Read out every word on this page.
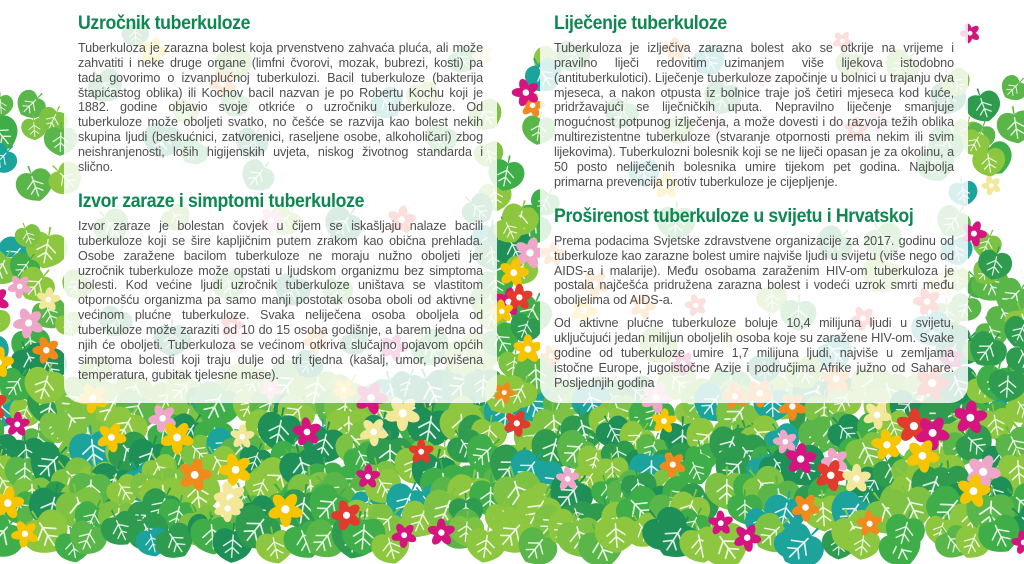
Uzročnik tuberkuloze

Tuberkuloza je zarazna bolest koja prvenstveno zahvaća pluća, ali može zahvatiti i neke druge organe (limfni čvorovi, mozak, bubrezi, kosti) pa tada govorimo o izvanplućnoj tuberkulozi. Bacil tuberkuloze (bakterija štapićastog oblika) ili Kochov bacil nazvan je po Robertu Kochu koji je 1882. godine objavio svoje otkriće o uzročniku tuberkuloze. Od tuberkuloze može oboljeti svatko, no češće se razvija kao bolest nekih skupina ljudi (beskućnici, zatvorenici, raseljene osobe, alkoholičari) zbog neishranjenosti, loših higijenskih uvjeta, niskog životnog standarda i slično.

Izvor zaraze i simptomi tuberkuloze

Izvor zaraze je bolestan čovjek u čijem se iskašljaju nalaze bacili tuberkuloze koji se šire kapljičnim putem zrakom kao obična prehlada. Osobe zaražene bacilom tuberkuloze ne moraju nužno oboljeti jer uzročnik tuberkuloze može opstati u ljudskom organizmu bez simptoma bolesti. Kod većine ljudi uzročnik tuberkuloze uništava se vlastitom otpornošću organizma pa samo manji postotak osoba oboli od aktivne i većinom plućne tuberkuloze. Svaka neliječena osoba oboljela od tuberkuloze može zaraziti od 10 do 15 osoba godišnje, a barem jedna od njih će oboljeti. Tuberkuloza se većinom otkriva slučajno pojavom općih simptoma bolesti koji traju dulje od tri tjedna (kašalj, umor, povišena temperatura, gubitak tjelesne mase).

Liječenje tuberkuloze

Tuberkuloza je izlječiva zarazna bolest ako se otkrije na vrijeme i pravilno liječi redovitim uzimanjem više lijekova istodobno (antituberkulotici). Liječenje tuberkuloze započinje u bolnici u trajanju dva mjeseca, a nakon otpusta iz bolnice traje još četiri mjeseca kod kuće, pridržavajući se liječničkih uputa. Nepravilno liječenje smanjuje mogućnost potpunog izlječenja, a može dovesti i do razvoja težih oblika multirezistentne tuberkuloze (stvaranje otpornosti prema nekim ili svim lijekovima). Tuberkulozni bolesnik koji se ne liječi opasan je za okolinu, a 50 posto neliječenih bolesnika umire tijekom pet godina. Najbolja primarna prevencija protiv tuberkuloze je cijepljenje.

Proširenost tuberkuloze u svijetu i Hrvatskoj

Prema podacima Svjetske zdravstvene organizacije za 2017. godinu od tuberkuloze kao zarazne bolest umire najviše ljudi u svijetu (više nego od AIDS-a i malarije). Među osobama zaraženim HIV-om tuberkuloza je postala najčešća pridružena zarazna bolest i vodeći uzrok smrti među oboljelima od AIDS-a.

Od aktivne plućne tuberkuloze boluje 10,4 milijuna ljudi u svijetu, uključujući jedan milijun oboljelih osoba koje su zaražene HIV-om. Svake godine od tuberkuloze umire 1,7 milijuna ljudi, najviše u zemljama istočne Europe, jugoistočne Azije i područjima Afrike južno od Sahare. Posljednjih godina
